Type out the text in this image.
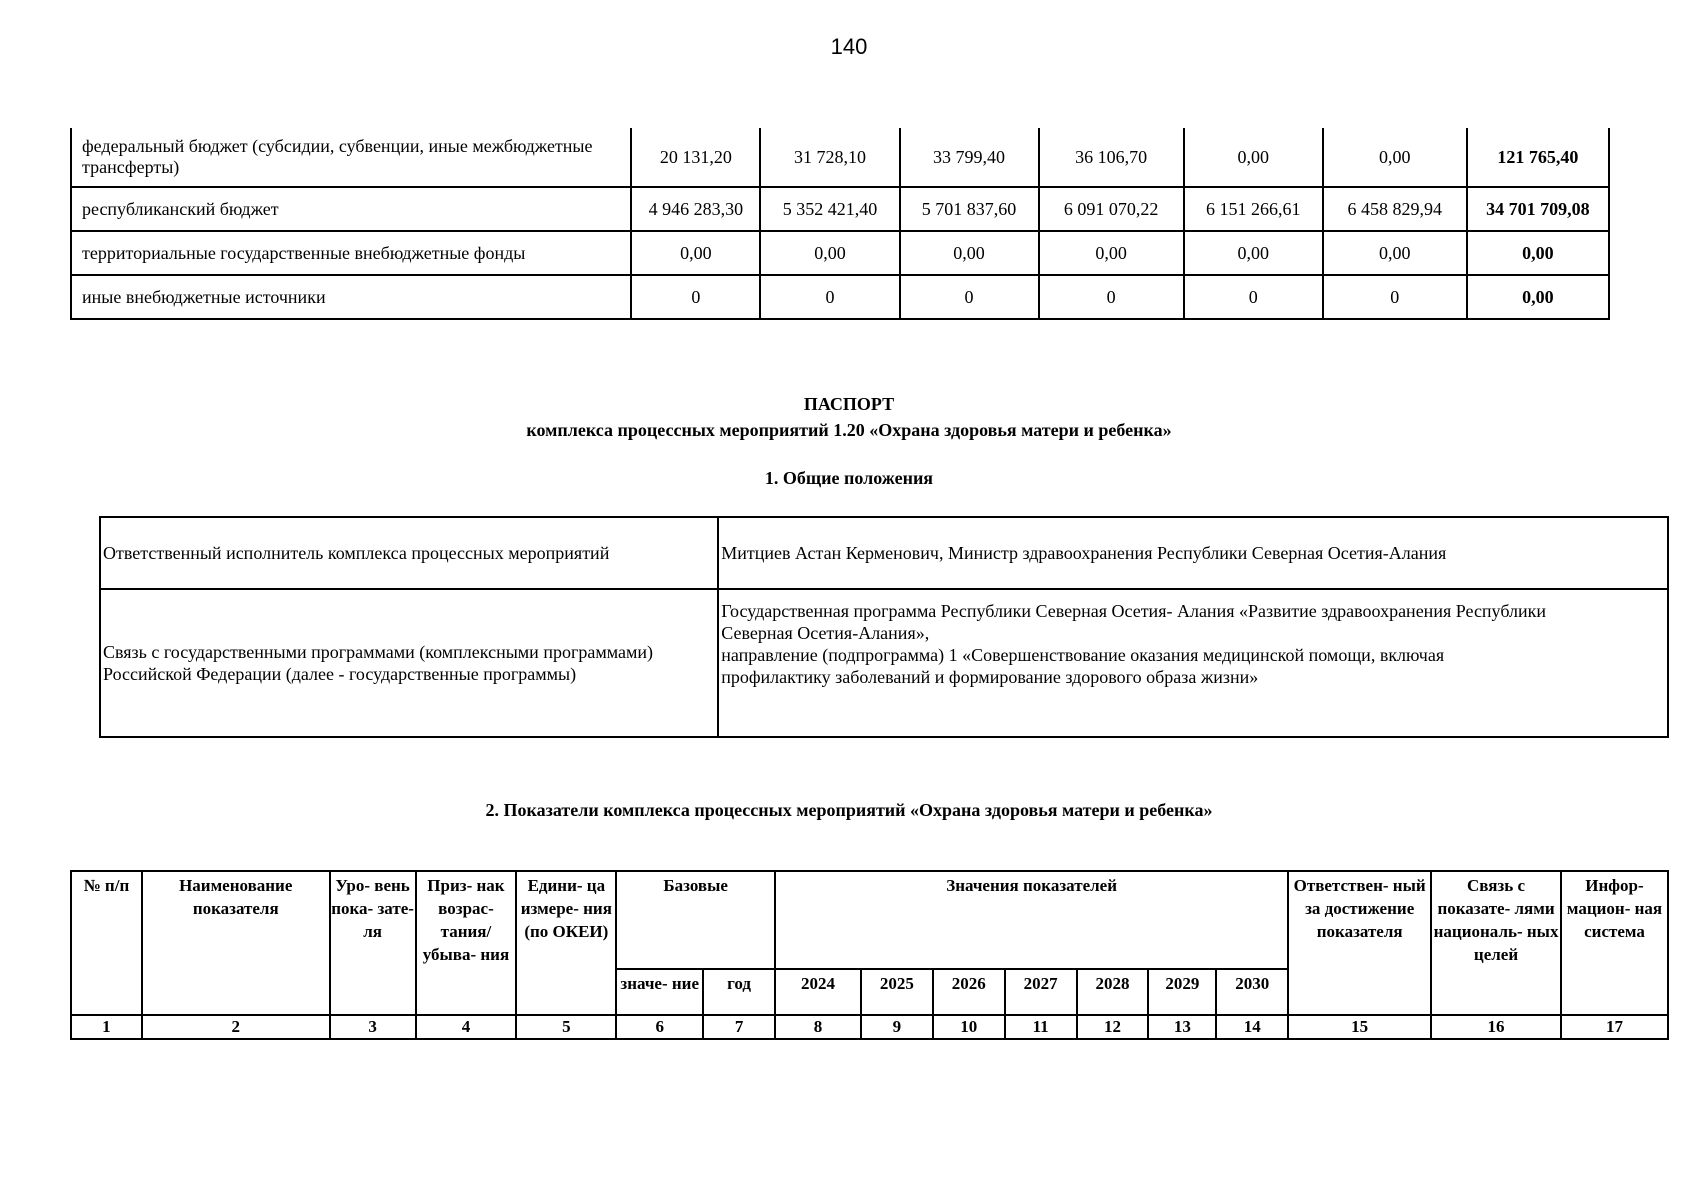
140
федеральный бюджет (субсидии, субвенции, иные межбюджетные трансферты)	20 131,20	31 728,10	33 799,40	36 106,70	0,00	0,00	121 765,40
республиканский бюджет	4 946 283,30	5 352 421,40	5 701 837,60	6 091 070,22	6 151 266,61	6 458 829,94	34 701 709,08
территориальные государственные внебюджетные фонды	0,00	0,00	0,00	0,00	0,00	0,00	0,00
иные внебюджетные источники	0	0	0	0	0	0	0,00
ПАСПОРТ
комплекса процессных мероприятий 1.20 «Охрана здоровья матери и ребенка»
1. Общие положения
Ответственный исполнитель комплекса процессных мероприятий	Митциев Астан Керменович, Министр здравоохранения Республики Северная Осетия-Алания
Связь с государственными программами (комплексными программами) Российской Федерации (далее - государственные программы)	Государственная программа Республики Северная Осетия- Алания «Развитие здравоохранения Республики
Северная Осетия-Алания»,
направление (подпрограмма) 1 «Совершенствование оказания медицинской помощи, включая
профилактику заболеваний и формирование здорового образа жизни»
2. Показатели комплекса процессных мероприятий «Охрана здоровья матери и ребенка»
№ п/п	Наименование показателя	Уро- вень пока- зате- ля	Приз- нак возрас- тания/ убыва- ния	Едини- ца измере- ния (по ОКЕИ)	Базовые		Значения показателей							Ответствен- ный за достижение показателя	Связь с показате- лями националь- ных целей	Инфор- мацион- ная система
					значе- ние	год	2024	2025	2026	2027	2028	2029	2030			
1	2	3	4	5	6	7	8	9	10	11	12	13	14	15	16	17
